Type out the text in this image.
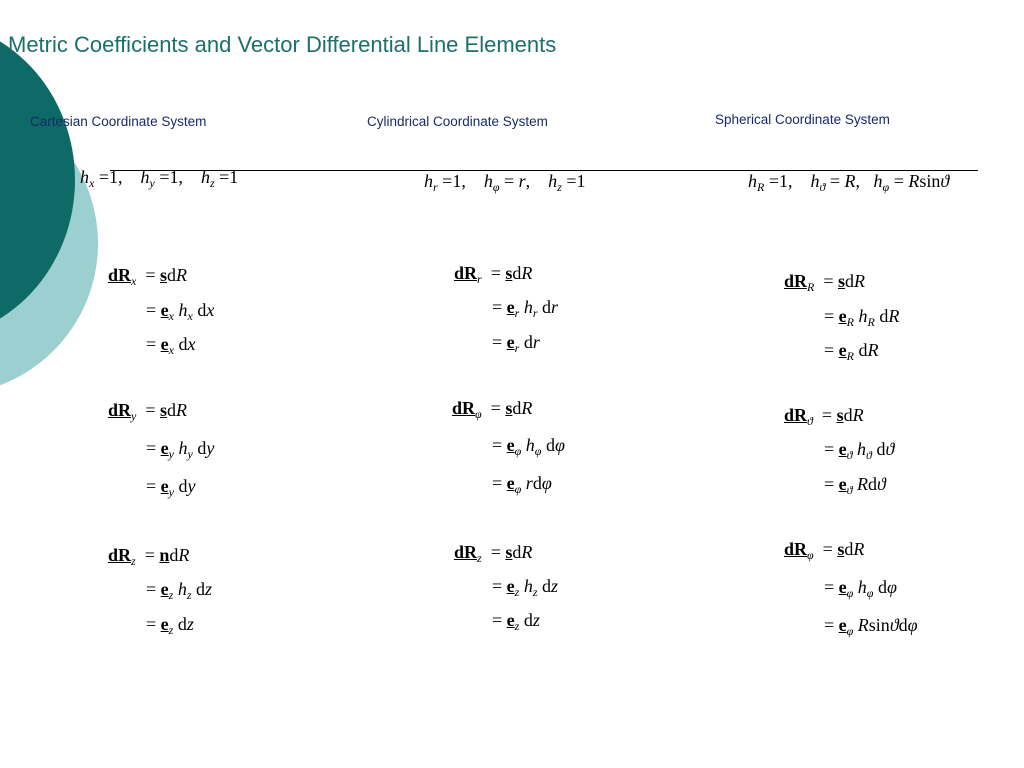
Metric Coefficients and Vector Differential Line Elements
Cartesian Coordinate System	Cylindrical Coordinate System	Spherical Coordinate System
$h_x =1$, $h_y =1$, $h_z =1$	$h_r =1$, $h_\varphi = r$, $h_z =1$	$h_R =1$, $h_ϑ = R$, $h_\varphi = Rsinϑ$
$dR_x$ = sdR
= $e_x$ $h_x$ dx
= $e_x$ dx
$dR_y$ = sdR
= $e_y$ $h_y$ dy
= $e_y$ dy
$dR_z$ = ndR
= $e_z$ $h_z$ dz
= $e_z$ dz
$dR_r$ = sdR
= $e_r$ $h_r$ dr
= $e_r$ dr
$dR_\varphi$ = sdR
= $e_\varphi$ $h_\varphi$ dφ
= $e_\varphi$ rdφ
$dR_z$ = sdR
= $e_z$ $h_z$ dz
= $e_z$ dz
$dR_R$ = sdR
= $e_R$ $h_R$ dR
= $e_R$ dR
$dR_ϑ$ = sdR
= $e_ϑ$ $h_ϑ$ dϑ
= $e_ϑ$ Rdϑ
$dR_\varphi$ = sdR
= $e_\varphi$ $h_\varphi$ dφ
= $e_\varphi$ Rsinϑdφ
